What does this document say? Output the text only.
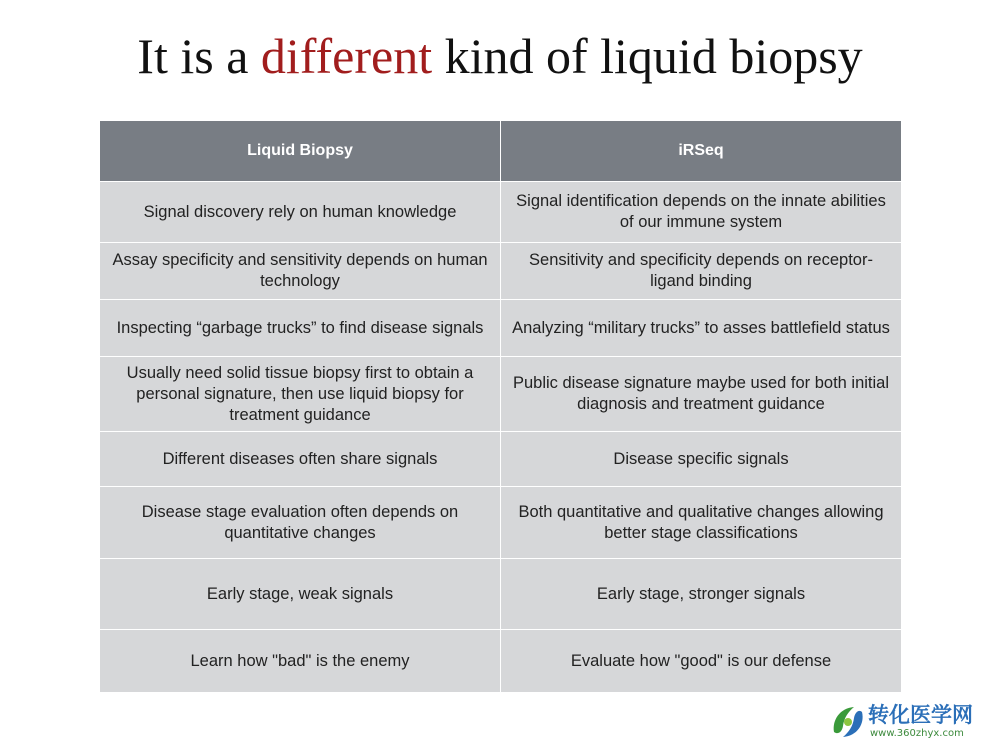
It is a different kind of liquid biopsy
Liquid Biopsy	iRSeq
Signal discovery rely on human knowledge	Signal identification depends on the innate abilities of our immune system
Assay specificity and sensitivity depends on human technology	Sensitivity and specificity depends on receptor-ligand binding
Inspecting “garbage trucks” to find disease signals	Analyzing “military trucks” to asses battlefield status
Usually need solid tissue biopsy first to obtain a personal signature, then use liquid biopsy for treatment guidance	Public disease signature maybe used for both initial diagnosis and treatment guidance
Different diseases often share signals	Disease specific signals
Disease stage evaluation often depends on quantitative changes	Both quantitative and qualitative changes allowing better stage classifications
Early stage, weak signals	Early stage, stronger signals
Learn how "bad" is the enemy	Evaluate how "good" is our defense
转化医学网
www.360zhyx.com
